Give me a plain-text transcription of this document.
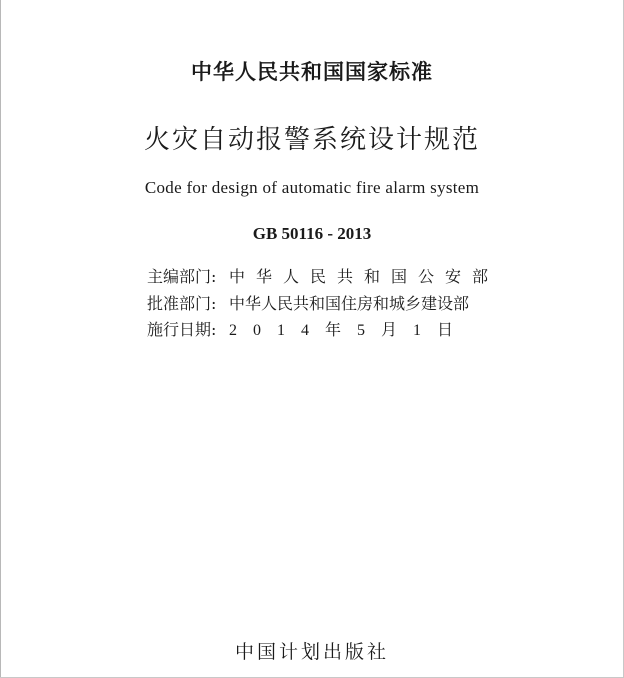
中华人民共和国国家标准
火灾自动报警系统设计规范
Code for design of automatic fire alarm system
GB 50116 - 2013
主编部门: 中华人民共和国公安部
批准部门: 中华人民共和国住房和城乡建设部
施行日期: 2014年5月1日
中国计划出版社
